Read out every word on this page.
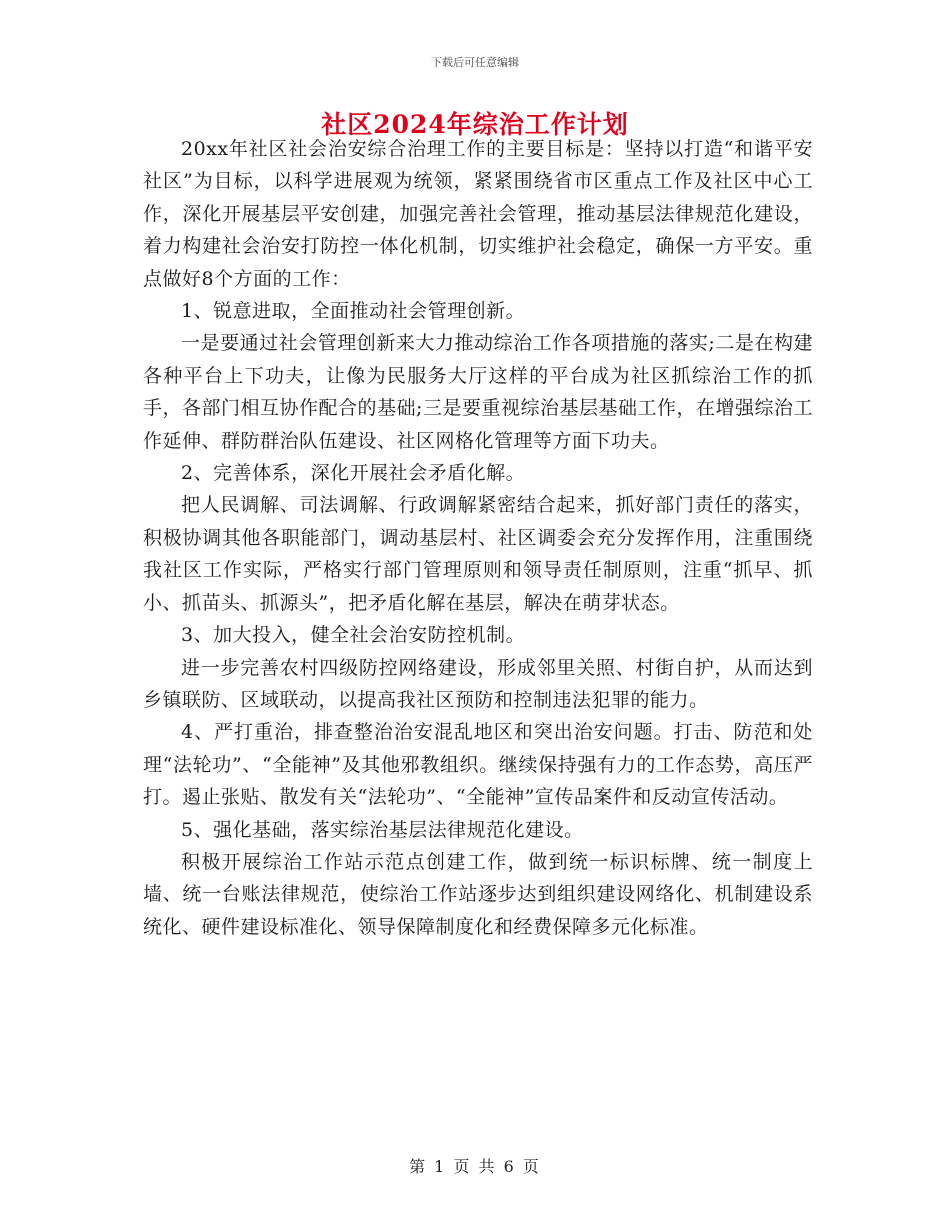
下载后可任意编辑
社区2024年综治工作计划

20xx年社区社会治安综合治理工作的主要目标是：坚持以打造“和谐平安社区”为目标，以科学进展观为统领，紧紧围绕省市区重点工作及社区中心工作，深化开展基层平安创建，加强完善社会管理，推动基层法律规范化建设，着力构建社会治安打防控一体化机制，切实维护社会稳定，确保一方平安。重点做好8个方面的工作：

1、锐意进取，全面推动社会管理创新。

一是要通过社会管理创新来大力推动综治工作各项措施的落实;二是在构建各种平台上下功夫，让像为民服务大厅这样的平台成为社区抓综治工作的抓手，各部门相互协作配合的基础;三是要重视综治基层基础工作，在增强综治工作延伸、群防群治队伍建设、社区网格化管理等方面下功夫。

2、完善体系，深化开展社会矛盾化解。

把人民调解、司法调解、行政调解紧密结合起来，抓好部门责任的落实，积极协调其他各职能部门，调动基层村、社区调委会充分发挥作用，注重围绕我社区工作实际，严格实行部门管理原则和领导责任制原则，注重“抓早、抓小、抓苗头、抓源头”，把矛盾化解在基层，解决在萌芽状态。

3、加大投入，健全社会治安防控机制。

进一步完善农村四级防控网络建设，形成邻里关照、村街自护，从而达到乡镇联防、区域联动，以提高我社区预防和控制违法犯罪的能力。

4、严打重治，排查整治治安混乱地区和突出治安问题。打击、防范和处理“法轮功”、“全能神”及其他邪教组织。继续保持强有力的工作态势，高压严打。遏止张贴、散发有关“法轮功”、“全能神”宣传品案件和反动宣传活动。

5、强化基础，落实综治基层法律规范化建设。

积极开展综治工作站示范点创建工作，做到统一标识标牌、统一制度上墙、统一台账法律规范，使综治工作站逐步达到组织建设网络化、机制建设系统化、硬件建设标准化、领导保障制度化和经费保障多元化标准。

第 1 页 共 6 页
